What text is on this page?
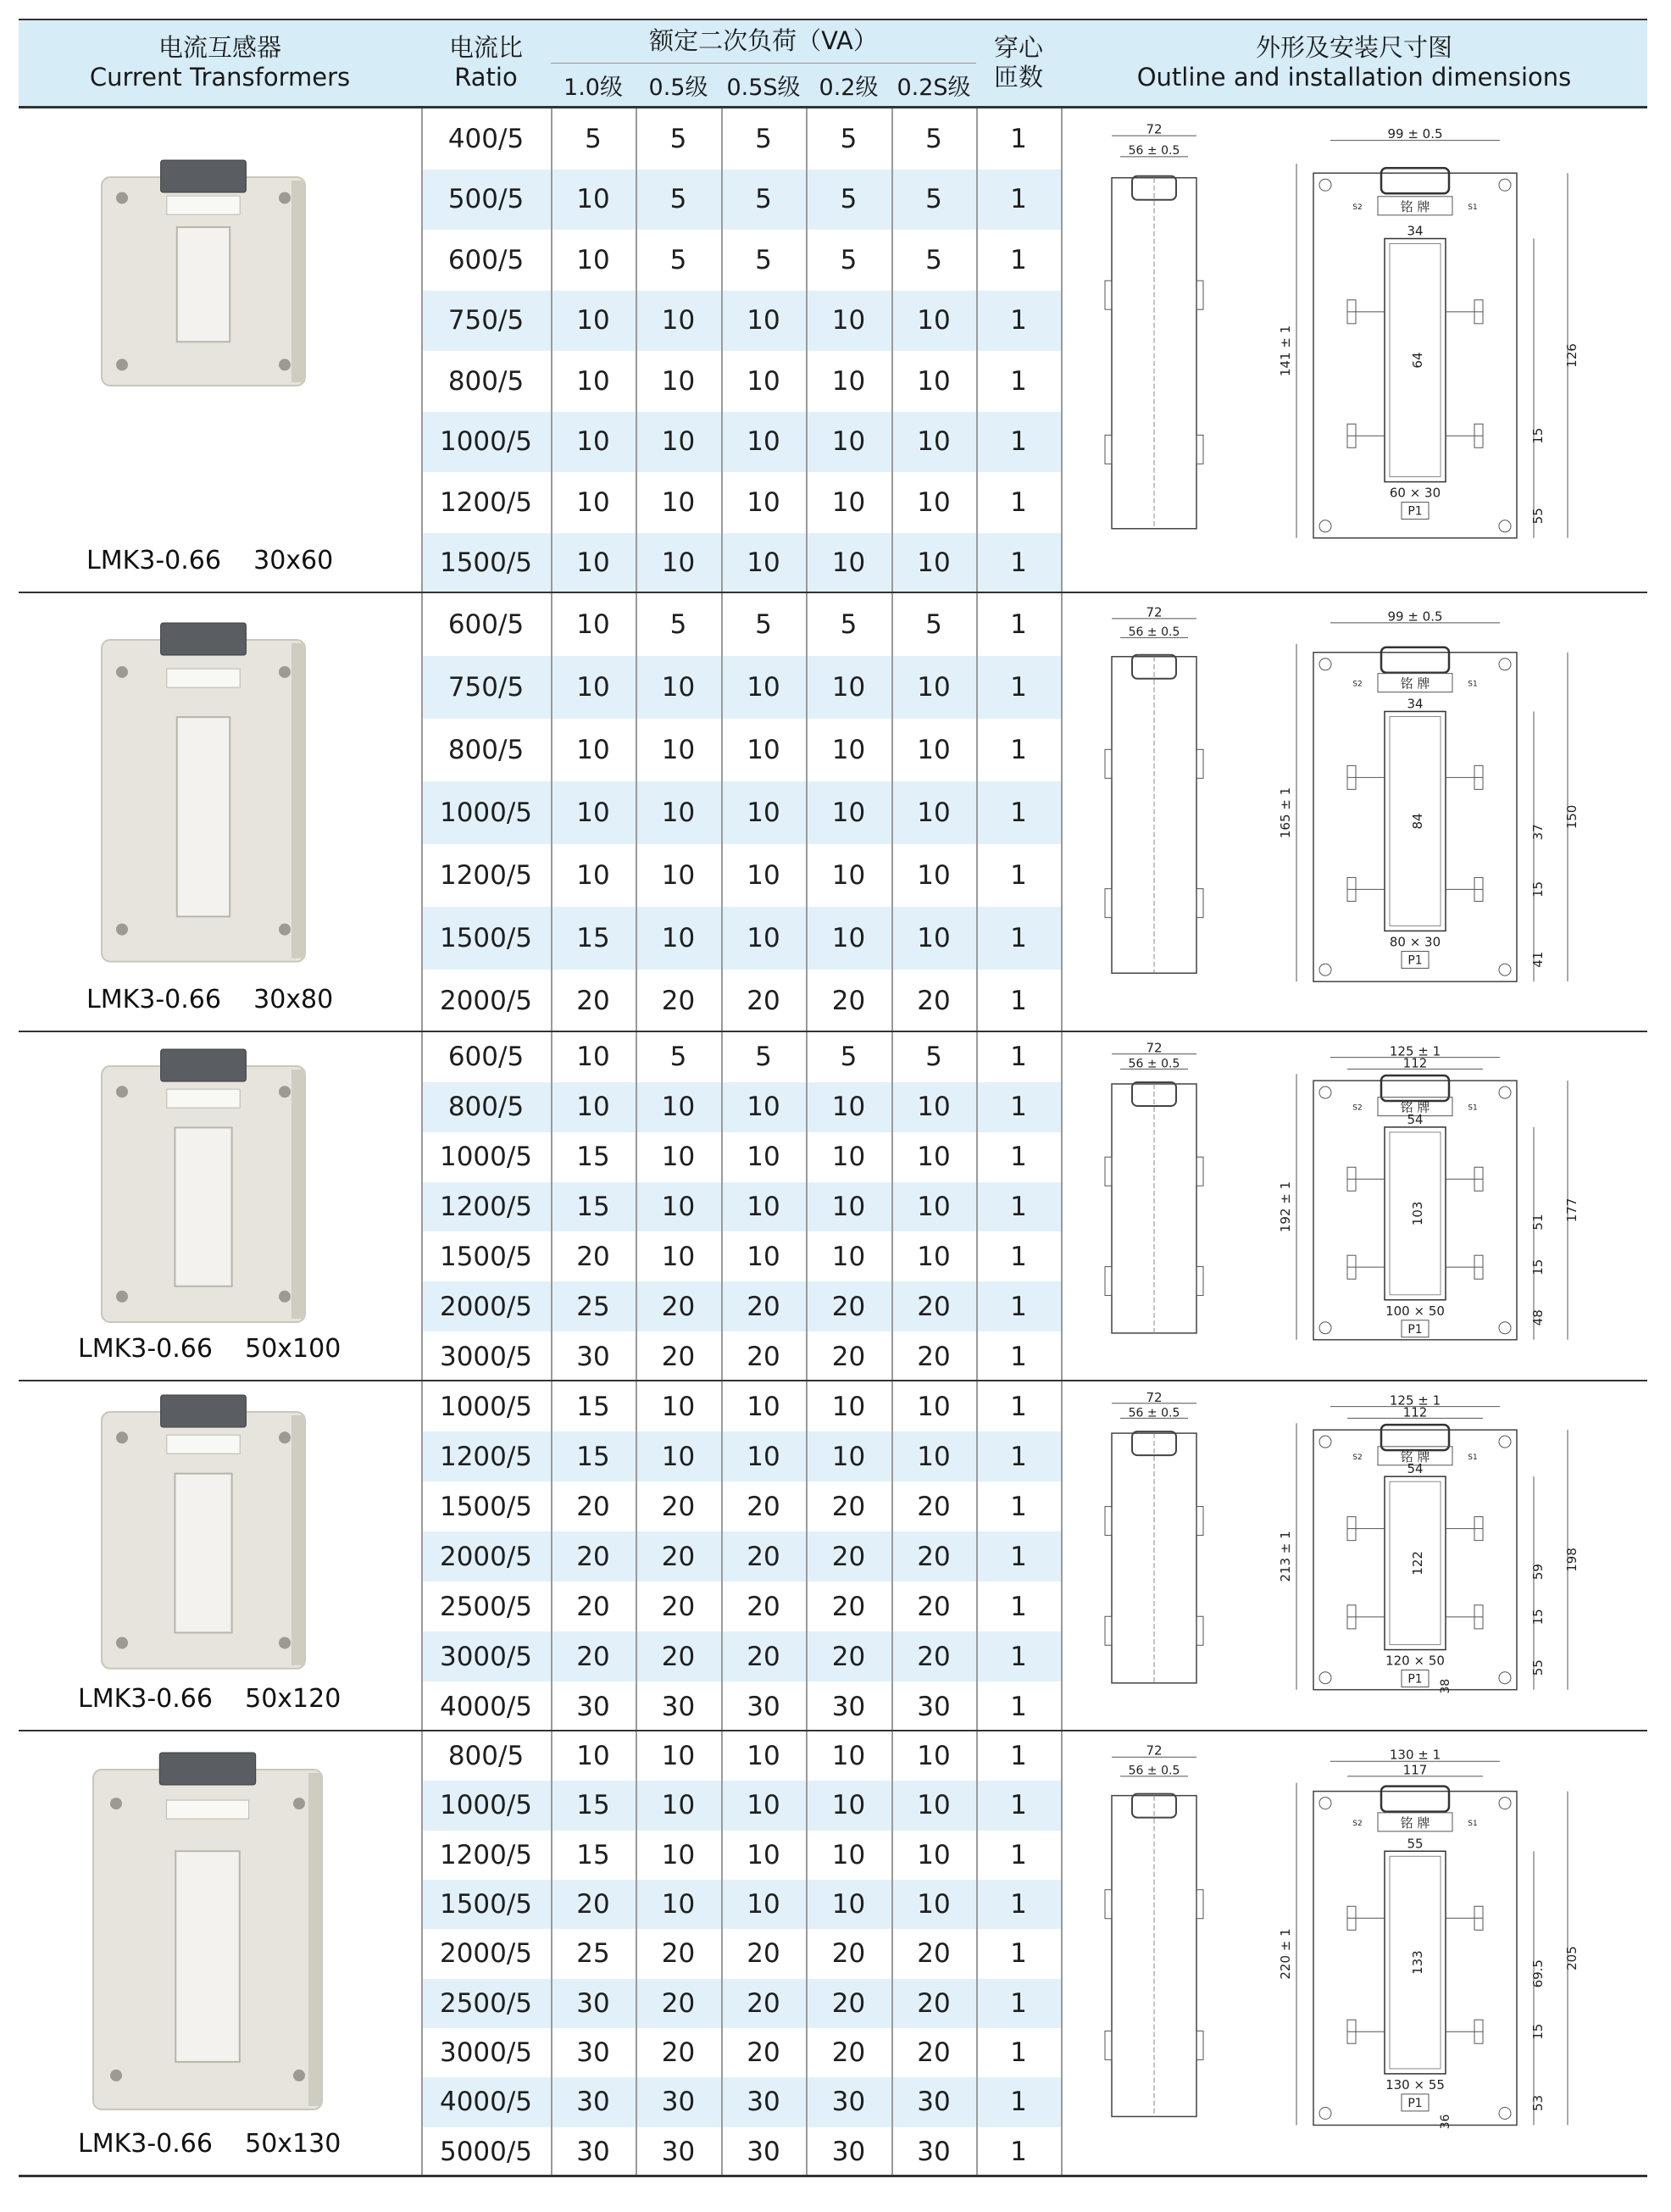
电流互感器
Current Transformers
电流比
Ratio
额定二次负荷（VA）
1.0级	0.5级 0.5S级 0.2级 0.2S级
穿心
匝数
外形及安装尺寸图
Outline and installation dimensions
400/5	5	5	5	5	5	1
500/5	10	5	5	5	5	1
600/5	10	5	5	5	5	1
750/5	10	10	10	10	10	1
800/5	10	10	10	10	10	1
1000/5	10	10	10	10	10	1
1200/5	10	10	10	10	10	1
1500/5	10	10	10	10	10	1
LMK3-0.66    30x60
72
56 ± 0.5
99 ± 0.5
铭 牌
S2	S1
34
64
60 × 30
P1
141 ± 1	126
15
55
600/5	10	5	5	5	5	1
750/5	10	10	10	10	10	1
800/5	10	10	10	10	10	1
1000/5	10	10	10	10	10	1
1200/5	10	10	10	10	10	1
1500/5	15	10	10	10	10	1
2000/5	20	20	20	20	20	1
LMK3-0.66    30x80
72
56 ± 0.5
99 ± 0.5
铭 牌
S2	S1
34
84
80 × 30
P1
165 ± 1	150
37
15
41
600/5	10	5	5	5	5	1
800/5	10	10	10	10	10	1
1000/5	15	10	10	10	10	1
1200/5	15	10	10	10	10	1
1500/5	20	10	10	10	10	1
2000/5	25	20	20	20	20	1
3000/5	30	20	20	20	20	1
LMK3-0.66    50x100
72
56 ± 0.5
125 ± 1
112
铭 牌
S2	S1
54
103
100 × 50
P1
192 ± 1	177
51
15
48
1000/5	15	10	10	10	10	1
1200/5	15	10	10	10	10	1
1500/5	20	20	20	20	20	1
2000/5	20	20	20	20	20	1
2500/5	20	20	20	20	20	1
3000/5	20	20	20	20	20	1
4000/5	30	30	30	30	30	1
LMK3-0.66    50x120
72
56 ± 0.5
125 ± 1
112
铭 牌
S2	S1
54
122
120 × 50
P1
213 ± 1	198
59
15
55
38
800/5	10	10	10	10	10	1
1000/5	15	10	10	10	10	1
1200/5	15	10	10	10	10	1
1500/5	20	10	10	10	10	1
2000/5	25	20	20	20	20	1
2500/5	30	20	20	20	20	1
3000/5	30	20	20	20	20	1
4000/5	30	30	30	30	30	1
5000/5	30	30	30	30	30	1
LMK3-0.66    50x130
72
56 ± 0.5
130 ± 1
117
铭 牌
S2	S1
55
133
130 × 55
P1
220 ± 1	205
69.5
15
53
36
